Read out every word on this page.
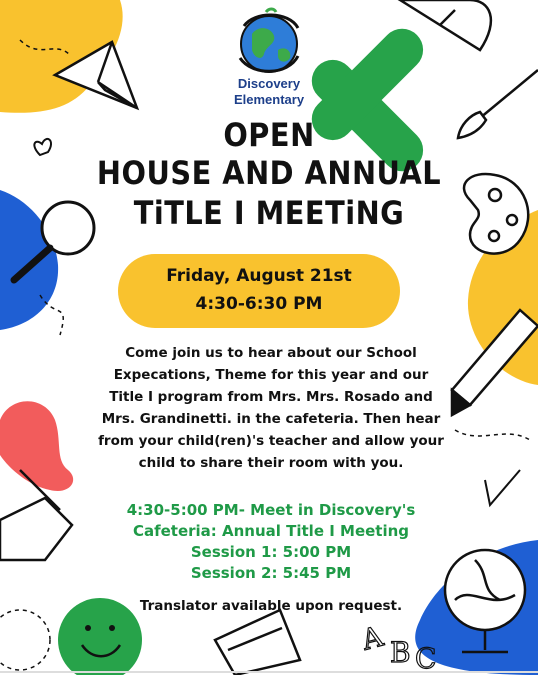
A B C
Discovery
Elementary
OPEN
HOUSE AND ANNUAL
TiTLE I MEETiNG
Friday, August 21st
4:30-6:30 PM
Come join us to hear about our School Expecations, Theme for this year and our Title I program from Mrs. Mrs. Rosado and Mrs. Grandinetti. in the cafeteria. Then hear from your child(ren)'s teacher and allow your child to share their room with you.
4:30-5:00 PM- Meet in Discovery's
Cafeteria: Annual Title I Meeting
Session 1: 5:00 PM
Session 2: 5:45 PM
Translator available upon request.
